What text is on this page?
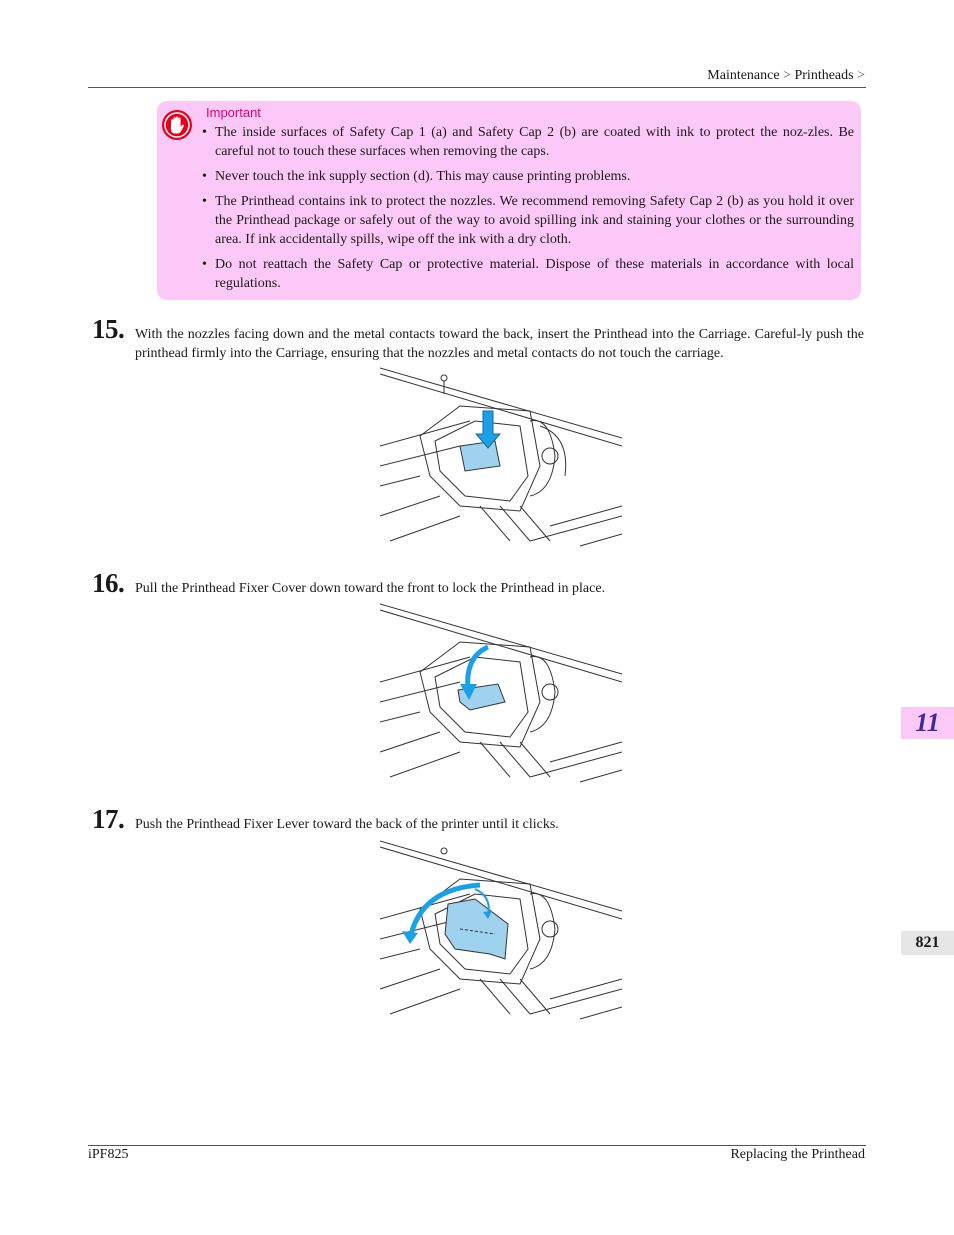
Maintenance > Printheads >
Important
• The inside surfaces of Safety Cap 1 (a) and Safety Cap 2 (b) are coated with ink to protect the noz-zles. Be careful not to touch these surfaces when removing the caps.
• Never touch the ink supply section (d). This may cause printing problems.
• The Printhead contains ink to protect the nozzles. We recommend removing Safety Cap 2 (b) as you hold it over the Printhead package or safely out of the way to avoid spilling ink and staining your clothes or the surrounding area. If ink accidentally spills, wipe off the ink with a dry cloth.
• Do not reattach the Safety Cap or protective material. Dispose of these materials in accordance with local regulations.
15. With the nozzles facing down and the metal contacts toward the back, insert the Printhead into the Carriage. Careful-ly push the printhead firmly into the Carriage, ensuring that the nozzles and metal contacts do not touch the carriage.
16. Pull the Printhead Fixer Cover down toward the front to lock the Printhead in place.
17. Push the Printhead Fixer Lever toward the back of the printer until it clicks.
11
821
iPF825	Replacing the Printhead
